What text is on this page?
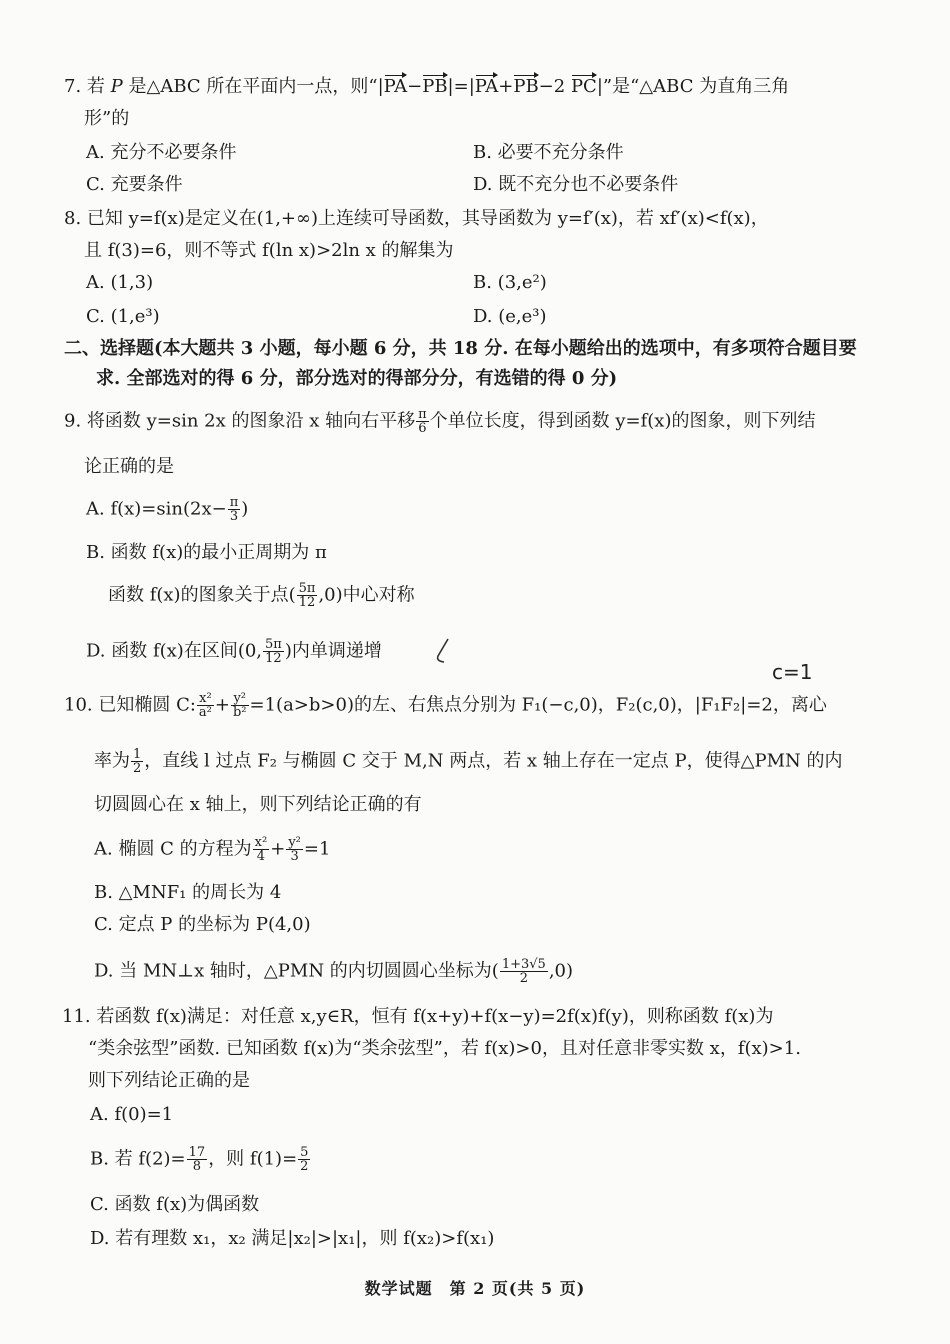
7. 若 P 是△ABC 所在平面内一点，则“|PA−PB|=|PA+PB−2 PC|”是“△ABC 为直角三角
形”的
A. 充分不必要条件	B. 必要不充分条件
C. 充要条件	D. 既不充分也不必要条件
8. 已知 y=f(x)是定义在(1,+∞)上连续可导函数，其导函数为 y=f′(x)，若 xf′(x)<f(x)，
且 f(3)=6，则不等式 f(ln x)>2ln x 的解集为
A. (1,3)	B. (3,e²)
C. (1,e³)	D. (e,e³)
二、选择题(本大题共 3 小题，每小题 6 分，共 18 分. 在每小题给出的选项中，有多项符合题目要
求. 全部选对的得 6 分，部分选对的得部分分，有选错的得 0 分)
9. 将函数 y=sin 2x 的图象沿 x 轴向右平移 $\frac{\pi}{6}$ 个单位长度，得到函数 y=f(x)的图象，则下列结
论正确的是
A. $f(x)=\sin(2x- \frac{\pi}{3}$ )
B. 函数 f(x)的最小正周期为 π
函数 f(x)的图象关于点( $\frac{5\pi}{12} ,0$)中心对称
D. 函数 f(x)在区间(0, $\frac{5\pi}{12}$ )内单调递增
c=1
10. 已知椭圆 C: $\frac{\text{x²}}{\text{a²}} + \frac{\text{y²}}{\text{b²}} =1(a>b>0)$的左、右焦点分别为 F₁(−c,0)，F₂(c,0)，|F₁F₂|=2，离心
率为 $\frac{1}{2}$ ，直线 l 过点 F₂ 与椭圆 C 交于 M,N 两点，若 x 轴上存在一定点 P，使得△PMN 的内
切圆圆心在 x 轴上，则下列结论正确的有
A. 椭圆 C 的方程为 $\frac{\text{x²}}{4} + \frac{\text{y²}}{3} =1$
B. △MNF₁ 的周长为 4
C. 定点 P 的坐标为 P(4,0)
D. 当 MN⊥x 轴时，△PMN 的内切圆圆心坐标为( $\frac{1+3√5}{2} ,0$)
11. 若函数 f(x)满足：对任意 x,y∈R，恒有 f(x+y)+f(x−y)=2f(x)f(y)，则称函数 f(x)为
“类余弦型”函数. 已知函数 f(x)为“类余弦型”，若 f(x)>0，且对任意非零实数 x，f(x)>1.
则下列结论正确的是
A. f(0)=1
B. 若 $f(2)= \frac{17}{8}$ ，则 $f(1)= \frac{5}{2}$
C. 函数 f(x)为偶函数
D. 若有理数 x₁，x₂ 满足|x₂|>|x₁|，则 f(x₂)>f(x₁)
数学试题　第 2 页(共 5 页)
